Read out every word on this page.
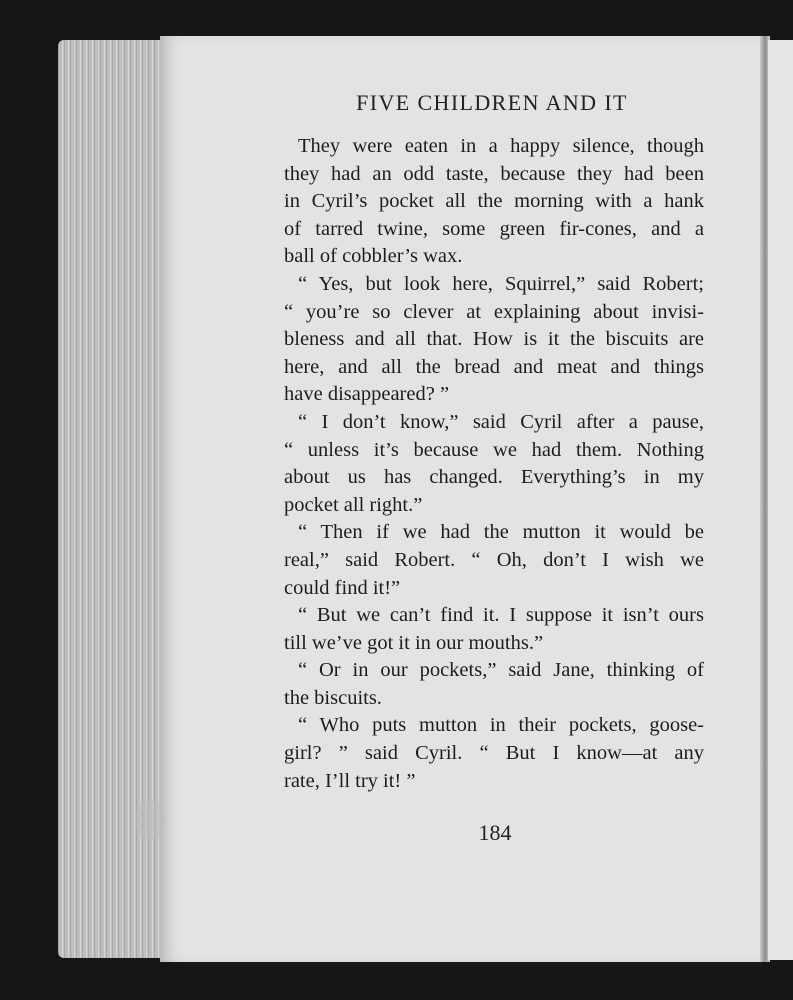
FIVE CHILDREN AND IT
They were eaten in a happy silence, though
they had an odd taste, because they had been
in Cyril’s pocket all the morning with a hank
of tarred twine, some green fir-cones, and a
ball of cobbler’s wax.
“ Yes, but look here, Squirrel,” said Robert;
“ you’re so clever at explaining about invisi-
bleness and all that. How is it the biscuits are
here, and all the bread and meat and things
have disappeared? ”
“ I don’t know,” said Cyril after a pause,
“ unless it’s because we had them. Nothing
about us has changed. Everything’s in my
pocket all right.”
“ Then if we had the mutton it would be
real,” said Robert. “ Oh, don’t I wish we
could find it!”
“ But we can’t find it. I suppose it isn’t ours
till we’ve got it in our mouths.”
“ Or in our pockets,” said Jane, thinking of
the biscuits.
“ Who puts mutton in their pockets, goose-
girl? ” said Cyril. “ But I know—at any
rate, I’ll try it! ”
184
